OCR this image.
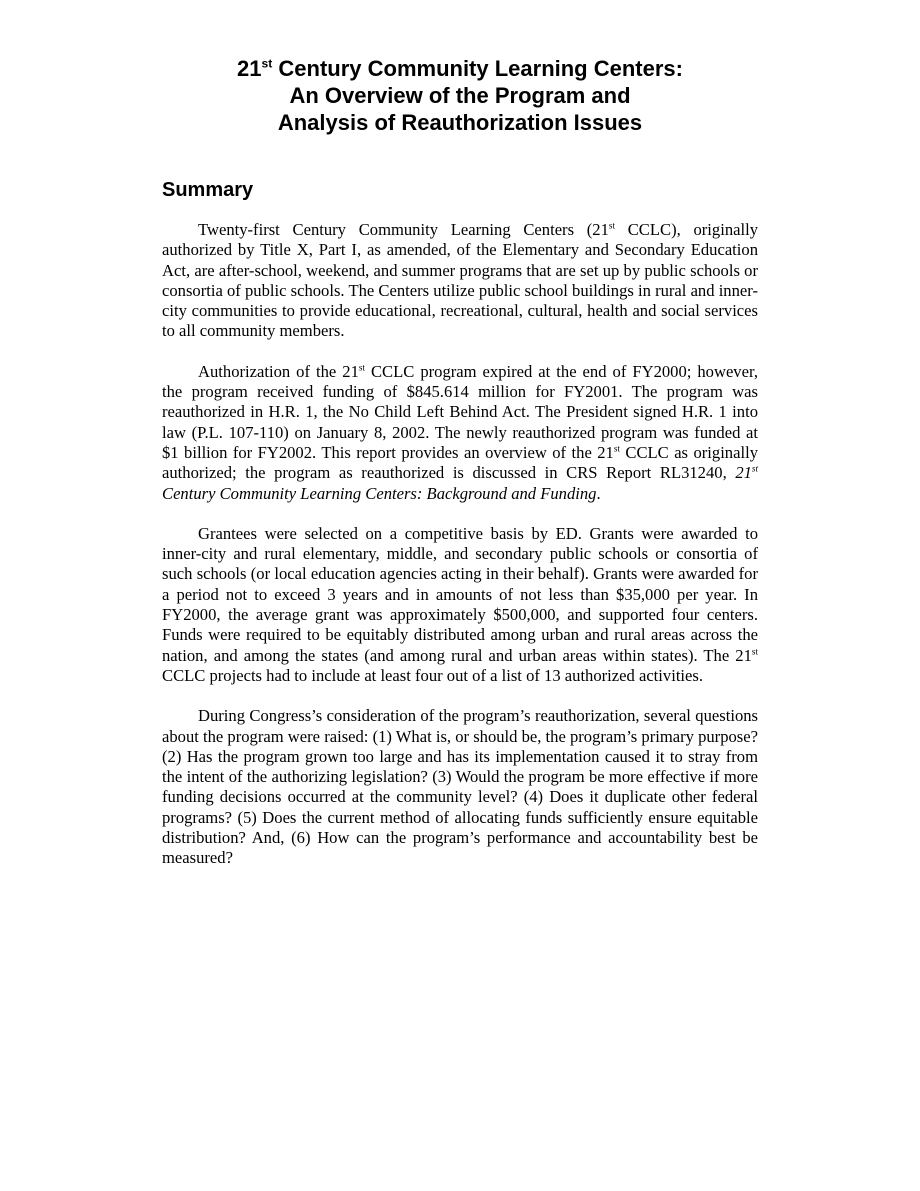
21st Century Community Learning Centers:
An Overview of the Program and
Analysis of Reauthorization Issues
Summary

Twenty-first Century Community Learning Centers (21st CCLC), originally authorized by Title X, Part I, as amended, of the Elementary and Secondary Education Act, are after-school, weekend, and summer programs that are set up by public schools or consortia of public schools. The Centers utilize public school buildings in rural and inner-city communities to provide educational, recreational, cultural, health and social services to all community members.

Authorization of the 21st CCLC program expired at the end of FY2000; however, the program received funding of $845.614 million for FY2001. The program was reauthorized in H.R. 1, the No Child Left Behind Act. The President signed H.R. 1 into law (P.L. 107-110) on January 8, 2002. The newly reauthorized program was funded at $1 billion for FY2002. This report provides an overview of the 21st CCLC as originally authorized; the program as reauthorized is discussed in CRS Report RL31240, 21st Century Community Learning Centers: Background and Funding.

Grantees were selected on a competitive basis by ED. Grants were awarded to inner-city and rural elementary, middle, and secondary public schools or consortia of such schools (or local education agencies acting in their behalf). Grants were awarded for a period not to exceed 3 years and in amounts of not less than $35,000 per year. In FY2000, the average grant was approximately $500,000, and supported four centers. Funds were required to be equitably distributed among urban and rural areas across the nation, and among the states (and among rural and urban areas within states). The 21st CCLC projects had to include at least four out of a list of 13 authorized activities.

During Congress’s consideration of the program’s reauthorization, several questions about the program were raised: (1) What is, or should be, the program’s primary purpose? (2) Has the program grown too large and has its implementation caused it to stray from the intent of the authorizing legislation? (3) Would the program be more effective if more funding decisions occurred at the community level? (4) Does it duplicate other federal programs? (5) Does the current method of allocating funds sufficiently ensure equitable distribution? And, (6) How can the program’s performance and accountability best be measured?
